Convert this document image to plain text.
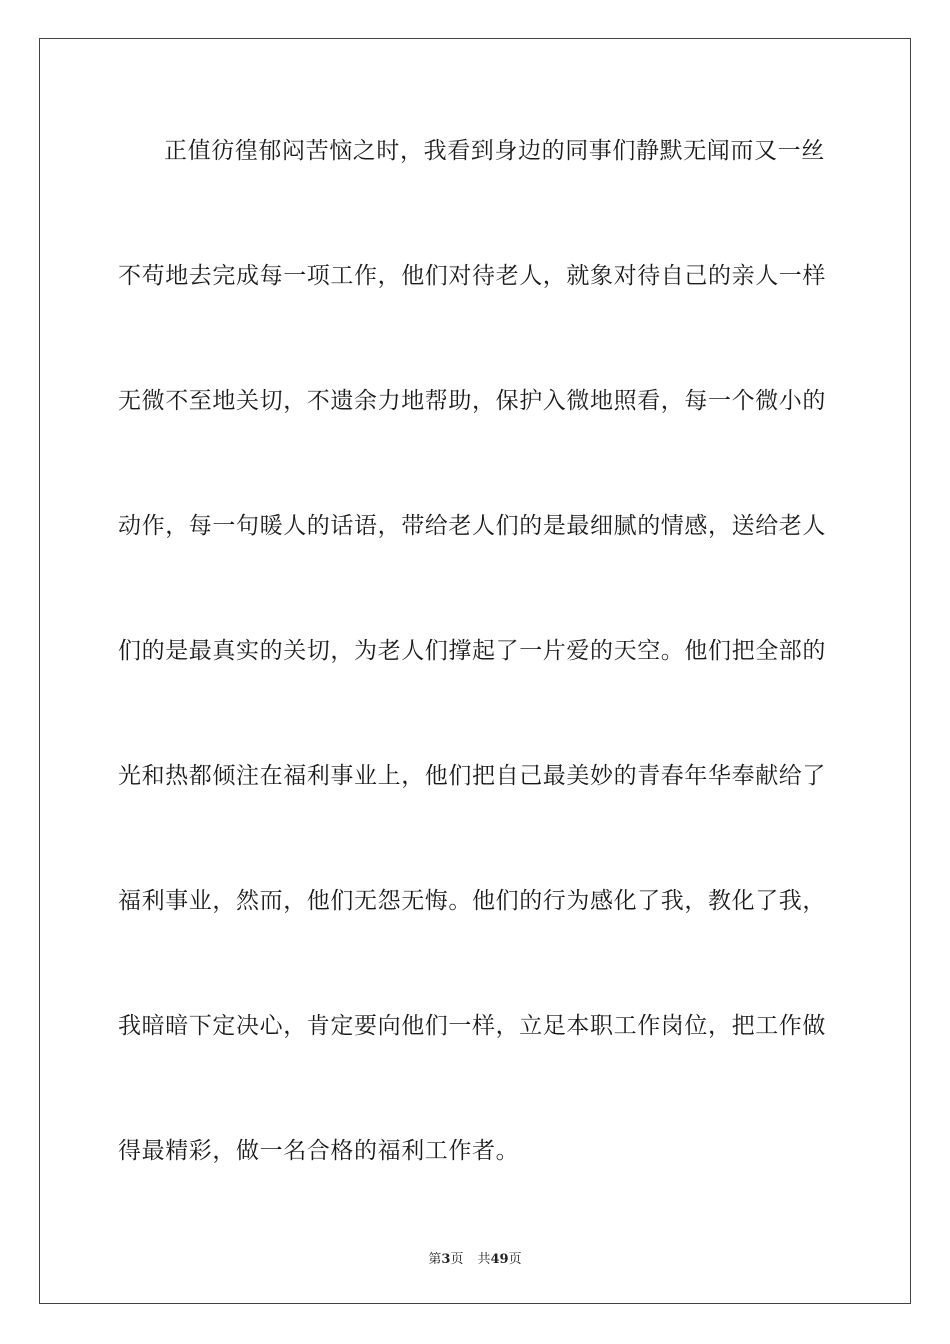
正值彷徨郁闷苦恼之时，我看到身边的同事们静默无闻而又一丝
不苟地去完成每一项工作，他们对待老人，就象对待自己的亲人一样
无微不至地关切，不遗余力地帮助，保护入微地照看，每一个微小的
动作，每一句暖人的话语，带给老人们的是最细腻的情感，送给老人
们的是最真实的关切，为老人们撑起了一片爱的天空。他们把全部的
光和热都倾注在福利事业上，他们把自己最美妙的青春年华奉献给了
福利事业，然而，他们无怨无悔。他们的行为感化了我，教化了我，
我暗暗下定决心，肯定要向他们一样，立足本职工作岗位，把工作做
得最精彩，做一名合格的福利工作者。
第3页 共49页
